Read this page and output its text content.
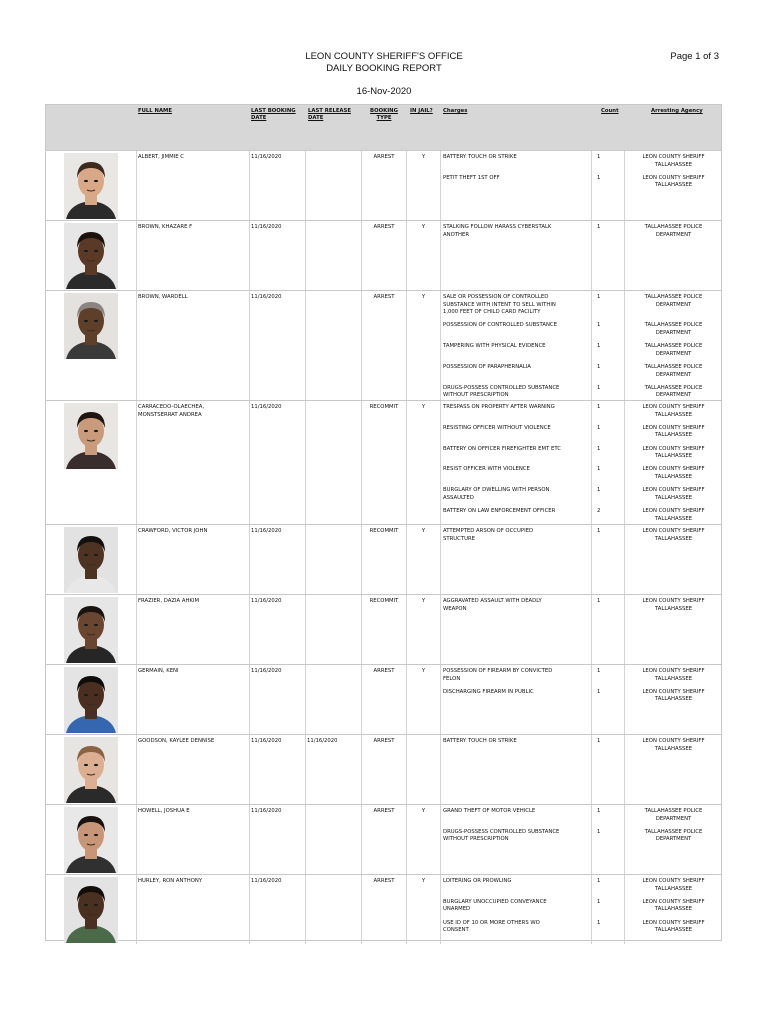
LEON COUNTY SHERIFF'S OFFICE
DAILY BOOKING REPORT
16-Nov-2020
Page 1 of 3
FULL NAME	LAST BOOKING
DATE
LAST RELEASE
DATE
BOOKING
TYPE
IN JAIL? Charges	Count	Arresting Agency
ALBERT, JIMMIE C	11/16/2020	ARREST	Y	BATTERY TOUCH OR STRIKE	1	LEON COUNTY SHERIFF
TALLAHASSEE
PETIT THEFT 1ST OFF	1	LEON COUNTY SHERIFF
TALLAHASSEE
BROWN, KHAZARE F	11/16/2020	ARREST	Y	STALKING FOLLOW HARASS CYBERSTALK
ANOTHER
1	TALLAHASSEE POLICE
DEPARTMENT
BROWN, WARDELL	11/16/2020	ARREST	Y	SALE OR POSSESSION OF CONTROLLED
SUBSTANCE WITH INTENT TO SELL WITHIN
1,000 FEET OF CHILD CARD FACILITY
1	TALLAHASSEE POLICE
DEPARTMENT
POSSESSION OF CONTROLLED SUBSTANCE	1	TALLAHASSEE POLICE
DEPARTMENT
TAMPERING WITH PHYSICAL EVIDENCE	1	TALLAHASSEE POLICE
DEPARTMENT
POSSESSION OF PARAPHERNALIA	1	TALLAHASSEE POLICE
DEPARTMENT
DRUGS-POSSESS CONTROLLED SUBSTANCE
WITHOUT PRESCRIPTION
1	TALLAHASSEE POLICE
DEPARTMENT
CARRACEDO-OLAECHEA,
MONSTSERRAT ANDREA
11/16/2020	RECOMMIT	Y	TRESPASS ON PROPERTY AFTER WARNING	1	LEON COUNTY SHERIFF
TALLAHASSEE
RESISTING OFFICER WITHOUT VIOLENCE	1	LEON COUNTY SHERIFF
TALLAHASSEE
BATTERY ON OFFICER FIREFIGHTER EMT ETC	1	LEON COUNTY SHERIFF
TALLAHASSEE
RESIST OFFICER WITH VIOLENCE	1	LEON COUNTY SHERIFF
TALLAHASSEE
BURGLARY OF DWELLING WITH PERSON
ASSAULTED
1	LEON COUNTY SHERIFF
TALLAHASSEE
BATTERY ON LAW ENFORCEMENT OFFICER	2	LEON COUNTY SHERIFF
TALLAHASSEE
CRAWFORD, VICTOR JOHN	11/16/2020	RECOMMIT	Y	ATTEMPTED ARSON OF OCCUPIED
STRUCTURE
1	LEON COUNTY SHERIFF
TALLAHASSEE
FRAZIER, DAZIA AHKIM	11/16/2020	RECOMMIT	Y	AGGRAVATED ASSAULT WITH DEADLY
WEAPON
1	LEON COUNTY SHERIFF
TALLAHASSEE
GERMAIN, KENI	11/16/2020	ARREST	Y	POSSESSION OF FIREARM BY CONVICTED
FELON
1	LEON COUNTY SHERIFF
TALLAHASSEE
DISCHARGING FIREARM IN PUBLIC	1	LEON COUNTY SHERIFF
TALLAHASSEE
GOODSON, KAYLEE DENNISE	11/16/2020	11/16/2020	ARREST	BATTERY TOUCH OR STRIKE	1	LEON COUNTY SHERIFF
TALLAHASSEE
HOWELL, JOSHUA E	11/16/2020	ARREST	Y	GRAND THEFT OF MOTOR VEHICLE	1	TALLAHASSEE POLICE
DEPARTMENT
DRUGS-POSSESS CONTROLLED SUBSTANCE
WITHOUT PRESCRIPTION
1	TALLAHASSEE POLICE
DEPARTMENT
HURLEY, RON ANTHONY	11/16/2020	ARREST	Y	LOITERING OR PROWLING	1	LEON COUNTY SHERIFF
TALLAHASSEE
BURGLARY UNOCCUPIED CONVEYANCE
UNARMED
1	LEON COUNTY SHERIFF
TALLAHASSEE
USE ID OF 10 OR MORE OTHERS WO
CONSENT
1	LEON COUNTY SHERIFF
TALLAHASSEE
